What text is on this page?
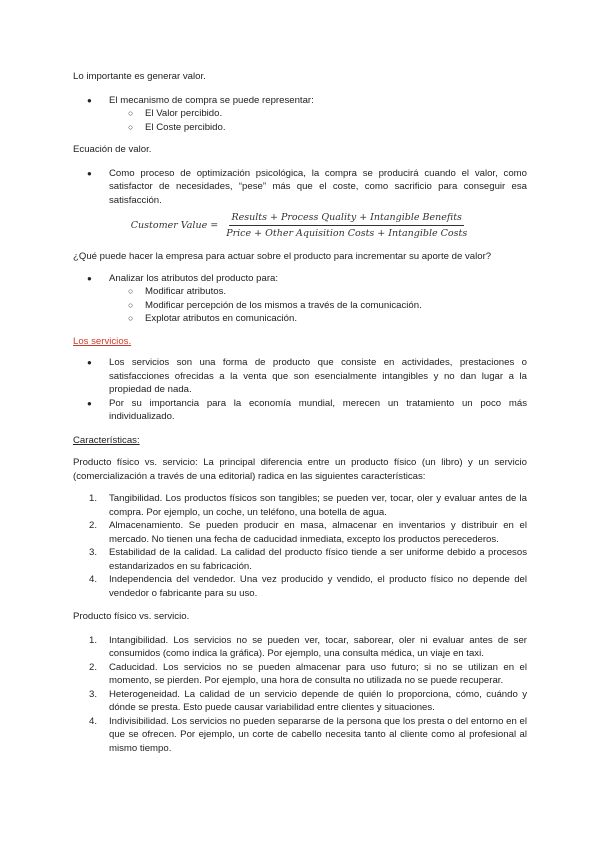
Lo importante es generar valor.

● El mecanismo de compra se puede representar:
○ El Valor percibido.
○ El Coste percibido.

Ecuación de valor.

● Como proceso de optimización psicológica, la compra se producirá cuando el valor, como satisfactor de necesidades, “pese” más que el coste, como sacrificio para conseguir esa satisfacción.
Customer Value = $\frac{\text{Results + Process Quality + Intangible Benefits}}{\text{Price + Other Aquisition Costs + Intangible Costs}}$

¿Qué puede hacer la empresa para actuar sobre el producto para incrementar su aporte de valor?

● Analizar los atributos del producto para:
○ Modificar atributos.
○ Modificar percepción de los mismos a través de la comunicación.
○ Explotar atributos en comunicación.

Los servicios.

● Los servicios son una forma de producto que consiste en actividades, prestaciones o satisfacciones ofrecidas a la venta que son esencialmente intangibles y no dan lugar a la propiedad de nada.
● Por su importancia para la economía mundial, merecen un tratamiento un poco más individualizado.

Características:

Producto físico vs. servicio: La principal diferencia entre un producto físico (un libro) y un servicio (comercialización a través de una editorial) radica en las siguientes características:

1. Tangibilidad. Los productos físicos son tangibles; se pueden ver, tocar, oler y evaluar antes de la compra. Por ejemplo, un coche, un teléfono, una botella de agua.
2. Almacenamiento. Se pueden producir en masa, almacenar en inventarios y distribuir en el mercado. No tienen una fecha de caducidad inmediata, excepto los productos perecederos.
3. Estabilidad de la calidad. La calidad del producto físico tiende a ser uniforme debido a procesos estandarizados en su fabricación.
4. Independencia del vendedor. Una vez producido y vendido, el producto físico no depende del vendedor o fabricante para su uso.

Producto físico vs. servicio.

1. Intangibilidad. Los servicios no se pueden ver, tocar, saborear, oler ni evaluar antes de ser consumidos (como indica la gráfica). Por ejemplo, una consulta médica, un viaje en taxi.
2. Caducidad. Los servicios no se pueden almacenar para uso futuro; si no se utilizan en el momento, se pierden. Por ejemplo, una hora de consulta no utilizada no se puede recuperar.
3. Heterogeneidad. La calidad de un servicio depende de quién lo proporciona, cómo, cuándo y dónde se presta. Esto puede causar variabilidad entre clientes y situaciones.
4. Indivisibilidad. Los servicios no pueden separarse de la persona que los presta o del entorno en el que se ofrecen. Por ejemplo, un corte de cabello necesita tanto al cliente como al profesional al mismo tiempo.
